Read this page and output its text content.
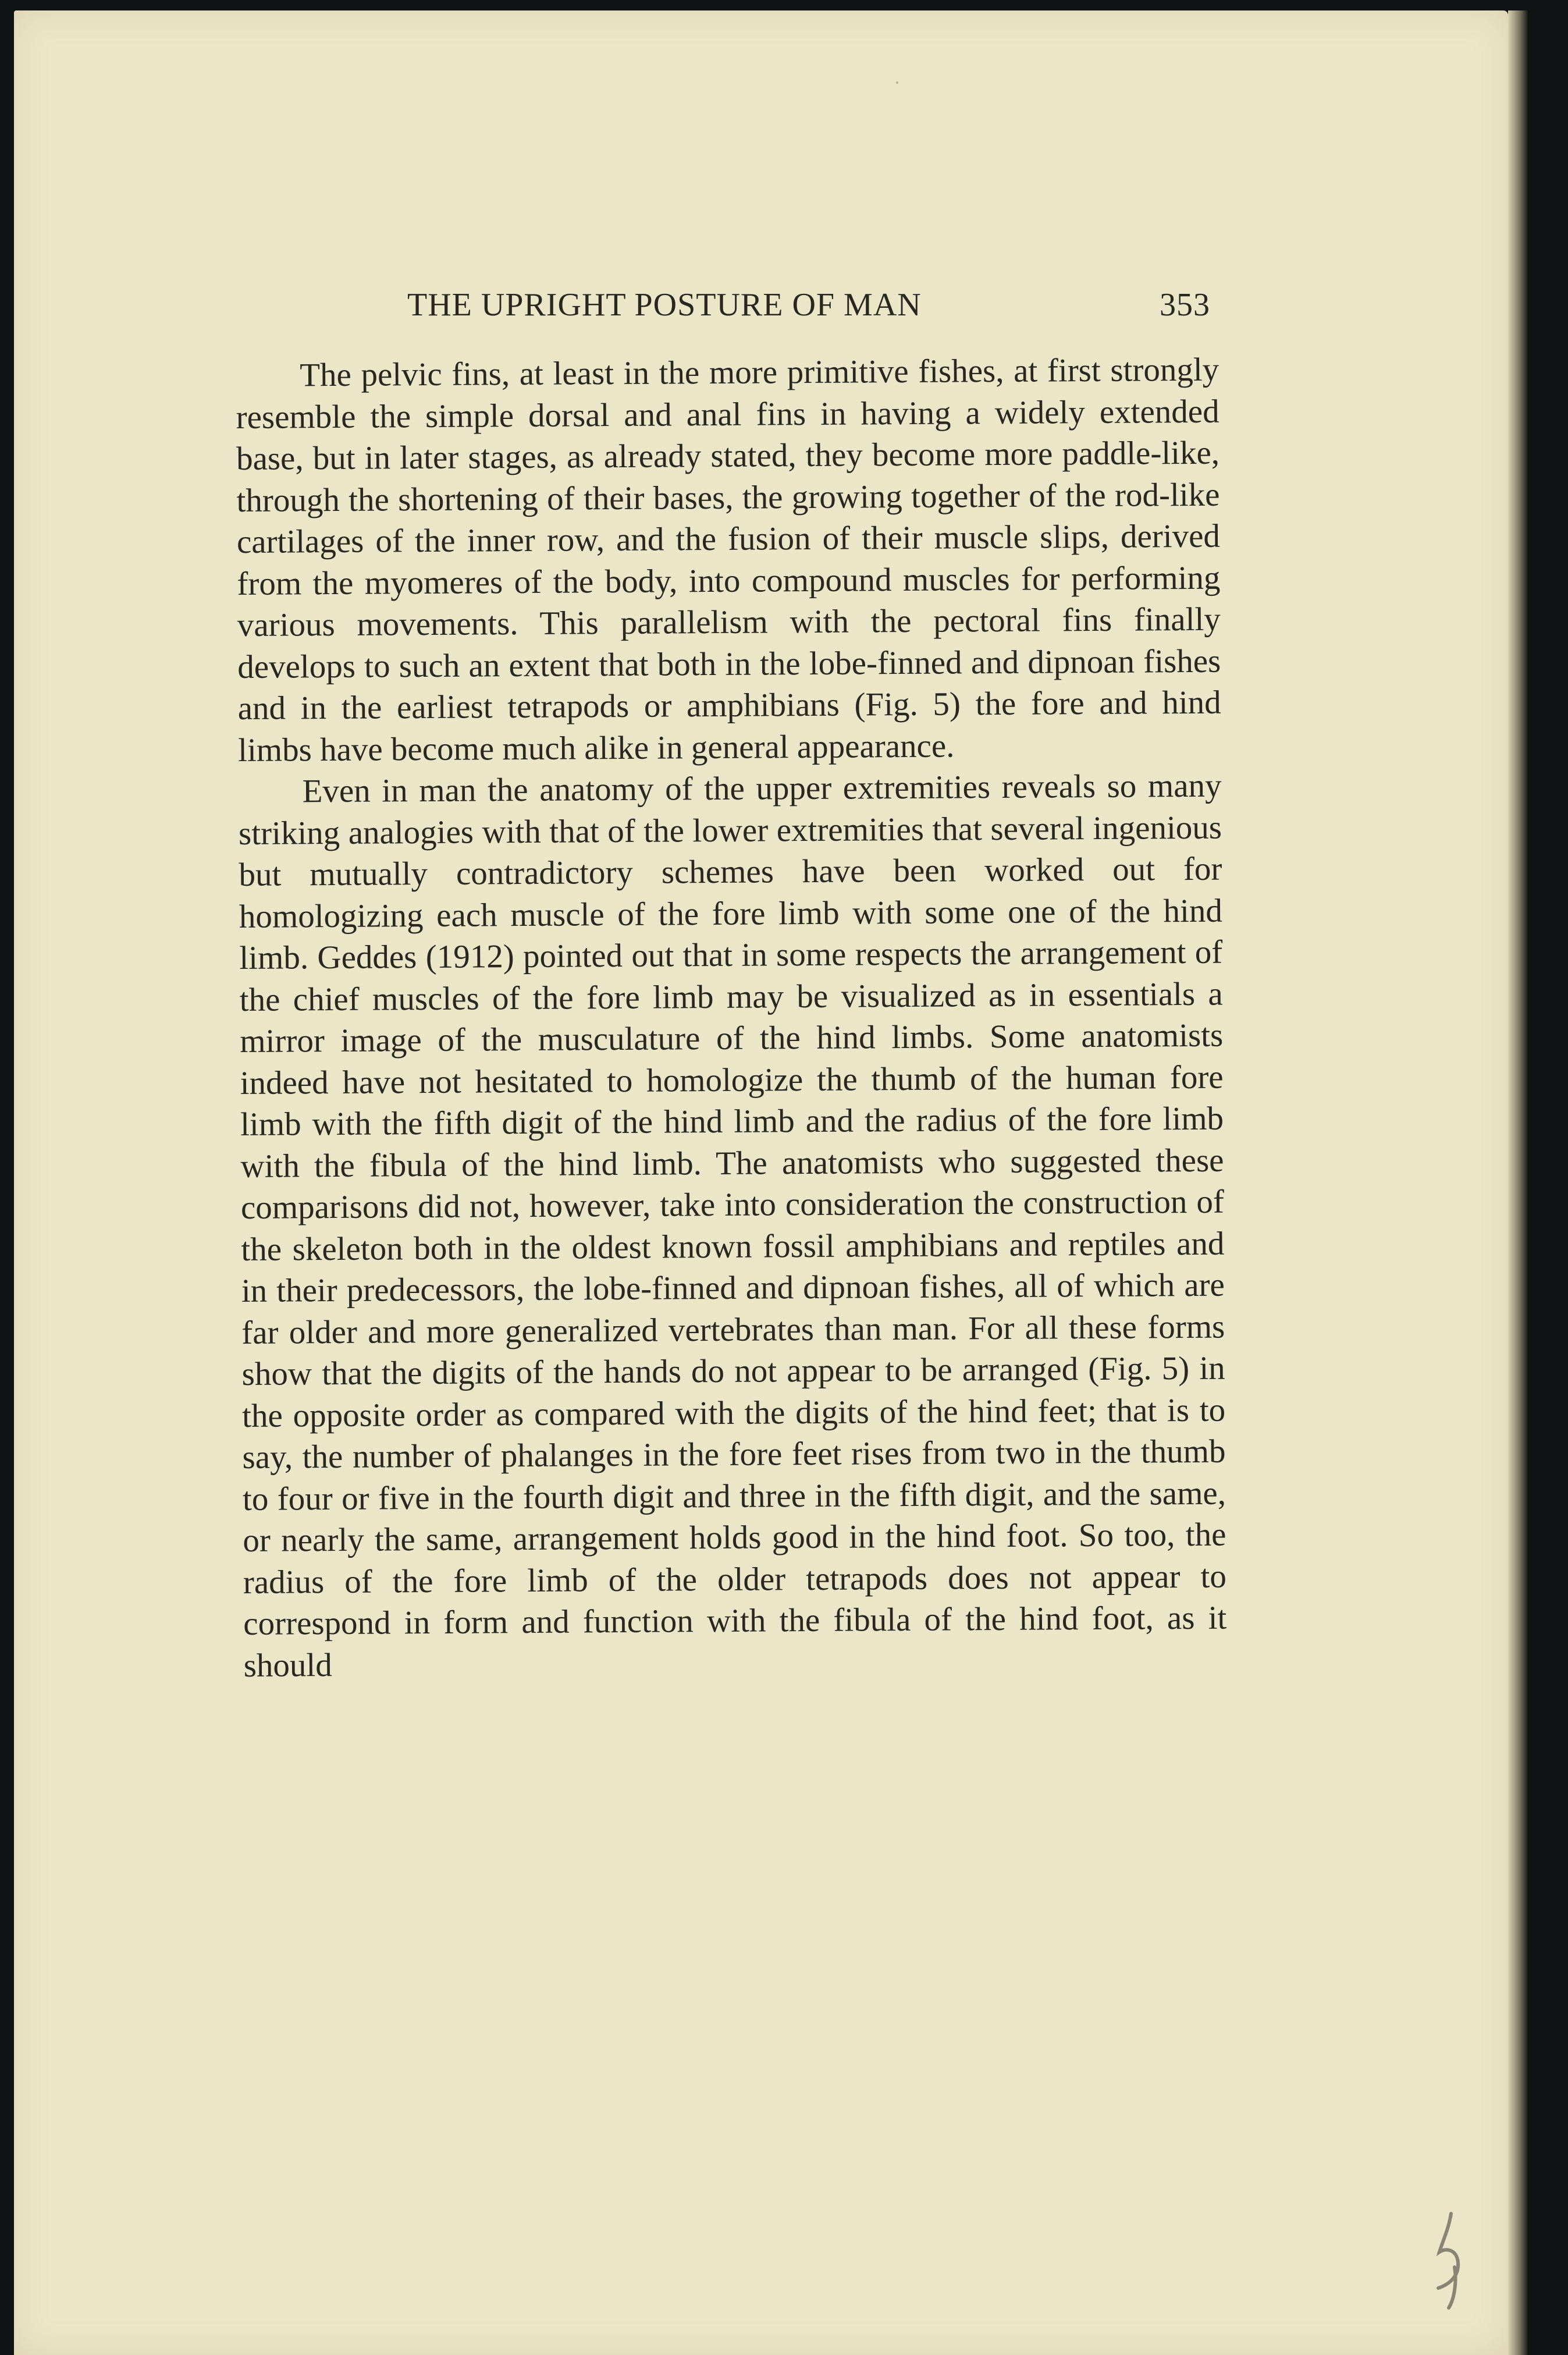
THE UPRIGHT POSTURE OF MAN	353

The pelvic fins, at least in the more primitive fishes, at first strongly resemble the simple dorsal and anal fins in having a widely extended base, but in later stages, as already stated, they become more paddle-like, through the shortening of their bases, the growing together of the rod-like cartilages of the inner row, and the fusion of their muscle slips, derived from the myomeres of the body, into compound muscles for performing various movements. This parallelism with the pectoral fins finally develops to such an extent that both in the lobe-finned and dipnoan fishes and in the earliest tetrapods or amphibians (Fig. 5) the fore and hind limbs have become much alike in general appearance.

Even in man the anatomy of the upper extremities reveals so many striking analogies with that of the lower extremities that several ingenious but mutually contradictory schemes have been worked out for homologizing each muscle of the fore limb with some one of the hind limb. Geddes (1912) pointed out that in some respects the arrangement of the chief muscles of the fore limb may be visualized as in essentials a mirror image of the musculature of the hind limbs. Some anatomists indeed have not hesitated to homologize the thumb of the human fore limb with the fifth digit of the hind limb and the radius of the fore limb with the fibula of the hind limb. The anatomists who suggested these comparisons did not, however, take into consideration the construction of the skeleton both in the oldest known fossil amphibians and reptiles and in their predecessors, the lobe-finned and dipnoan fishes, all of which are far older and more generalized vertebrates than man. For all these forms show that the digits of the hands do not appear to be arranged (Fig. 5) in the opposite order as compared with the digits of the hind feet; that is to say, the number of phalanges in the fore feet rises from two in the thumb to four or five in the fourth digit and three in the fifth digit, and the same, or nearly the same, arrangement holds good in the hind foot. So too, the radius of the fore limb of the older tetrapods does not appear to correspond in form and function with the fibula of the hind foot, as it should
